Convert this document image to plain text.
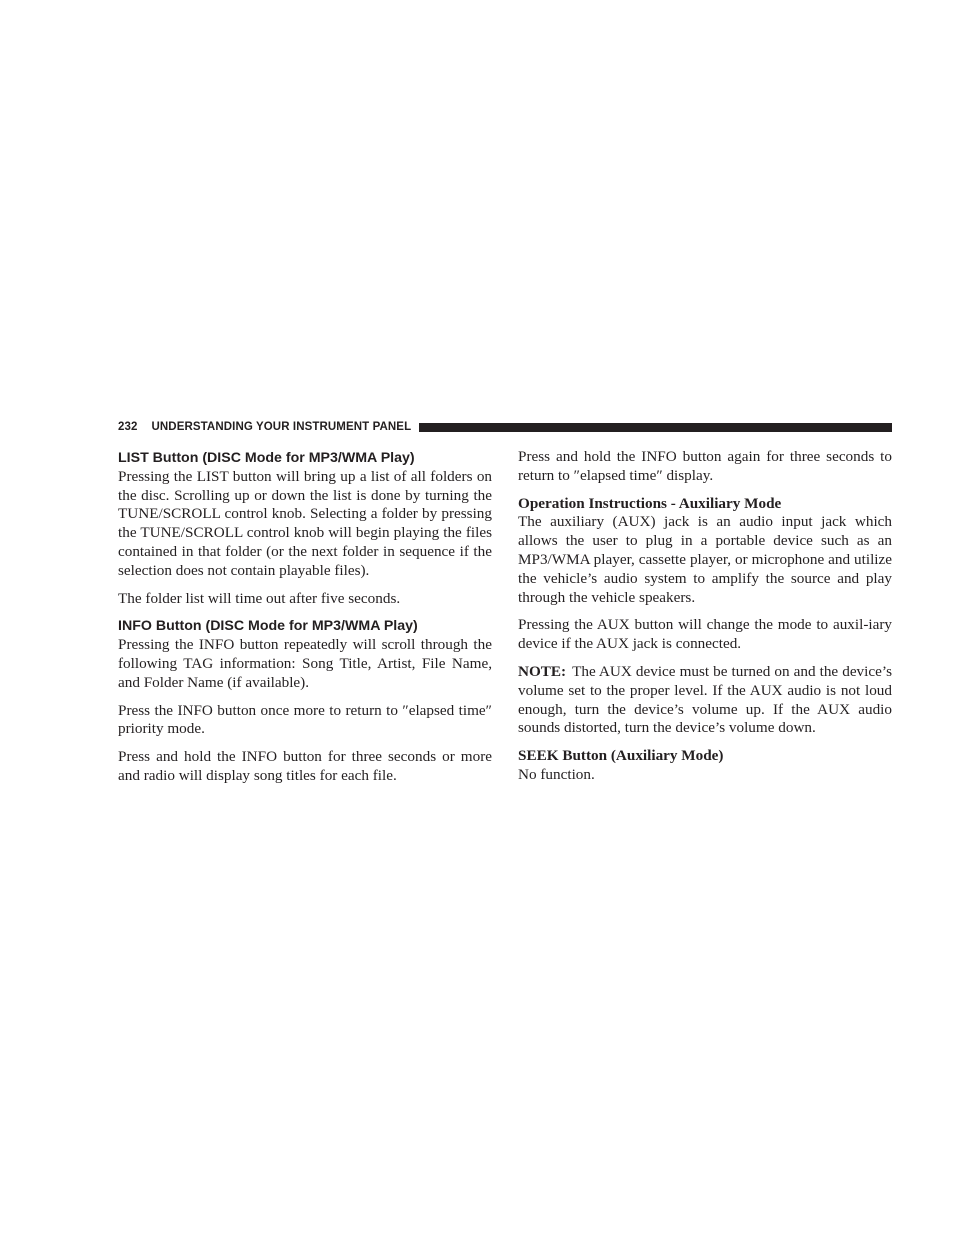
232 UNDERSTANDING YOUR INSTRUMENT PANEL
LIST Button (DISC Mode for MP3/WMA Play)

Pressing the LIST button will bring up a list of all folders on the disc. Scrolling up or down the list is done by turning the TUNE/SCROLL control knob. Selecting a folder by pressing the TUNE/SCROLL control knob will begin playing the files contained in that folder (or the next folder in sequence if the selection does not contain playable files).

The folder list will time out after five seconds.

INFO Button (DISC Mode for MP3/WMA Play)

Pressing the INFO button repeatedly will scroll through the following TAG information: Song Title, Artist, File Name, and Folder Name (if available).

Press the INFO button once more to return to ″elapsed time″ priority mode.

Press and hold the INFO button for three seconds or more and radio will display song titles for each file.

Press and hold the INFO button again for three seconds to return to ″elapsed time″ display.

Operation Instructions - Auxiliary Mode

The auxiliary (AUX) jack is an audio input jack which allows the user to plug in a portable device such as an MP3/WMA player, cassette player, or microphone and utilize the vehicle’s audio system to amplify the source and play through the vehicle speakers.

Pressing the AUX button will change the mode to auxil-iary device if the AUX jack is connected.

NOTE: The AUX device must be turned on and the device’s volume set to the proper level. If the AUX audio is not loud enough, turn the device’s volume up. If the AUX audio sounds distorted, turn the device’s volume down.

SEEK Button (Auxiliary Mode)

No function.
